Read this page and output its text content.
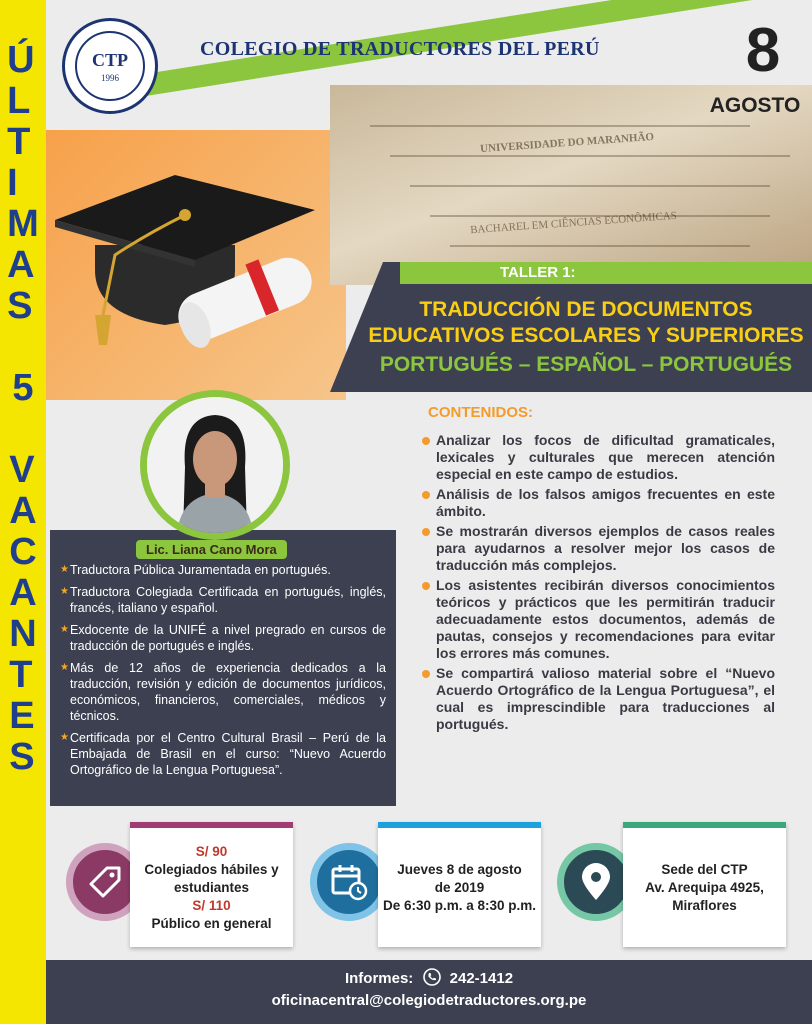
Ú
L
T
I
M
A
S
5
V
A
C
A
N
T
E
S
UNIVERSIDADE DO MARANHÃO
BACHAREL EM CIÊNCIAS ECONÔMICAS
CTP
1996
COLEGIO DE TRADUCTORES DEL PERÚ	8
AGOSTO
TALLER 1:
TRADUCCIÓN DE DOCUMENTOS
EDUCATIVOS ESCOLARES Y SUPERIORES
PORTUGUÉS – ESPAÑOL – PORTUGUÉS
★ Traductora Pública Juramentada en portugués.
★ Traductora Colegiada Certificada en portugués, inglés, francés, italiano y español.
★ Exdocente de la UNIFÉ a nivel pregrado en cursos de traducción de portugués e inglés.
★ Más de 12 años de experiencia dedicados a la traducción, revisión y edición de documentos jurídicos, económicos, financieros, comerciales, médicos y técnicos.
★ Certificada por el Centro Cultural Brasil – Perú de la Embajada de Brasil en el curso: “Nuevo Acuerdo Ortográfico de la Lengua Portuguesa”.
Lic. Liana Cano Mora
CONTENIDOS:
Analizar los focos de dificultad gramaticales, lexicales y culturales que merecen atención especial en este campo de estudios.
Análisis de los falsos amigos frecuentes en este ámbito.
Se mostrarán diversos ejemplos de casos reales para ayudarnos a resolver mejor los casos de traducción más complejos.
Los asistentes recibirán diversos conocimientos teóricos y prácticos que les permitirán traducir adecuadamente estos documentos, además de pautas, consejos y recomendaciones para evitar los errores más comunes.
Se compartirá valioso material sobre el “Nuevo Acuerdo Ortográfico de la Lengua Portuguesa”, el cual es imprescindible para traducciones al portugués.
S/ 90
Colegiados hábiles y estudiantes
S/ 110
Público en general
Jueves 8 de agosto
de 2019
De 6:30 p.m. a 8:30 p.m.
Sede del CTP
Av. Arequipa 4925,
Miraflores
Informes: 242-1412
oficinacentral@colegiodetraductores.org.pe
